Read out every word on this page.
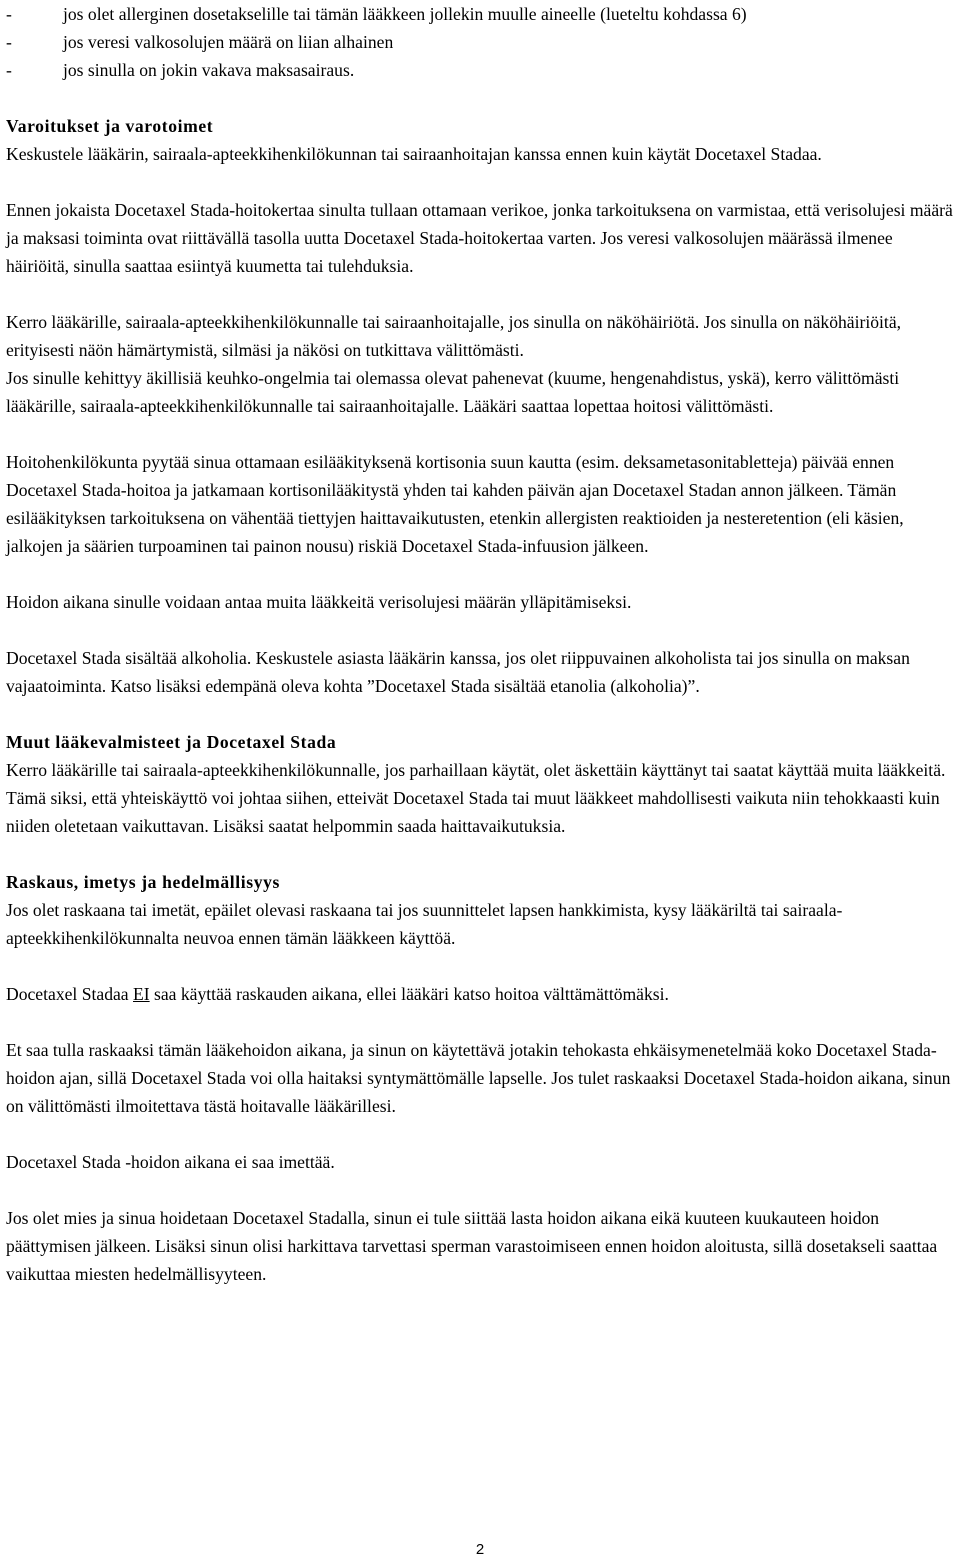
-	jos olet allerginen dosetakselille tai tämän lääkkeen jollekin muulle aineelle (lueteltu kohdassa 6)
-	jos veresi valkosolujen määrä on liian alhainen
-	jos sinulla on jokin vakava maksasairaus.

Varoitukset ja varotoimet

Keskustele lääkärin, sairaala-apteekkihenkilökunnan tai sairaanhoitajan kanssa ennen kuin käytät Docetaxel Stadaa.

Ennen jokaista Docetaxel Stada-hoitokertaa sinulta tullaan ottamaan verikoe, jonka tarkoituksena on varmistaa, että verisolujesi määrä ja maksasi toiminta ovat riittävällä tasolla uutta Docetaxel Stada-hoitokertaa varten. Jos veresi valkosolujen määrässä ilmenee häiriöitä, sinulla saattaa esiintyä kuumetta tai tulehduksia.

Kerro lääkärille, sairaala-apteekkihenkilökunnalle tai sairaanhoitajalle, jos sinulla on näköhäiriötä. Jos sinulla on näköhäiriöitä, erityisesti näön hämärtymistä, silmäsi ja näkösi on tutkittava välittömästi.

Jos sinulle kehittyy äkillisiä keuhko-ongelmia tai olemassa olevat pahenevat (kuume, hengenahdistus, yskä), kerro välittömästi lääkärille, sairaala-apteekkihenkilökunnalle tai sairaanhoitajalle. Lääkäri saattaa lopettaa hoitosi välittömästi.

Hoitohenkilökunta pyytää sinua ottamaan esilääkityksenä kortisonia suun kautta (esim. deksametasonitabletteja) päivää ennen Docetaxel Stada-hoitoa ja jatkamaan kortisonilääkitystä yhden tai kahden päivän ajan Docetaxel Stadan annon jälkeen. Tämän esilääkityksen tarkoituksena on vähentää tiettyjen haittavaikutusten, etenkin allergisten reaktioiden ja nesteretention (eli käsien, jalkojen ja säärien turpoaminen tai painon nousu) riskiä Docetaxel Stada-infuusion jälkeen.

Hoidon aikana sinulle voidaan antaa muita lääkkeitä verisolujesi määrän ylläpitämiseksi.

Docetaxel Stada sisältää alkoholia. Keskustele asiasta lääkärin kanssa, jos olet riippuvainen alkoholista tai jos sinulla on maksan vajaatoiminta. Katso lisäksi edempänä oleva kohta ”Docetaxel Stada sisältää etanolia (alkoholia)”.

Muut lääkevalmisteet ja Docetaxel Stada

Kerro lääkärille tai sairaala-apteekkihenkilökunnalle, jos parhaillaan käytät, olet äskettäin käyttänyt tai saatat käyttää muita lääkkeitä. Tämä siksi, että yhteiskäyttö voi johtaa siihen, etteivät Docetaxel Stada tai muut lääkkeet mahdollisesti vaikuta niin tehokkaasti kuin niiden oletetaan vaikuttavan. Lisäksi saatat helpommin saada haittavaikutuksia.

Raskaus, imetys ja hedelmällisyys

Jos olet raskaana tai imetät, epäilet olevasi raskaana tai jos suunnittelet lapsen hankkimista, kysy lääkäriltä tai sairaala-apteekkihenkilökunnalta neuvoa ennen tämän lääkkeen käyttöä.

Docetaxel Stadaa EI saa käyttää raskauden aikana, ellei lääkäri katso hoitoa välttämättömäksi.

Et saa tulla raskaaksi tämän lääkehoidon aikana, ja sinun on käytettävä jotakin tehokasta ehkäisymenetelmää koko Docetaxel Stada-hoidon ajan, sillä Docetaxel Stada voi olla haitaksi syntymättömälle lapselle. Jos tulet raskaaksi Docetaxel Stada-hoidon aikana, sinun on välittömästi ilmoitettava tästä hoitavalle lääkärillesi.

Docetaxel Stada -hoidon aikana ei saa imettää.

Jos olet mies ja sinua hoidetaan Docetaxel Stadalla, sinun ei tule siittää lasta hoidon aikana eikä kuuteen kuukauteen hoidon päättymisen jälkeen. Lisäksi sinun olisi harkittava tarvettasi sperman varastoimiseen ennen hoidon aloitusta, sillä dosetakseli saattaa vaikuttaa miesten hedelmällisyyteen.

2
